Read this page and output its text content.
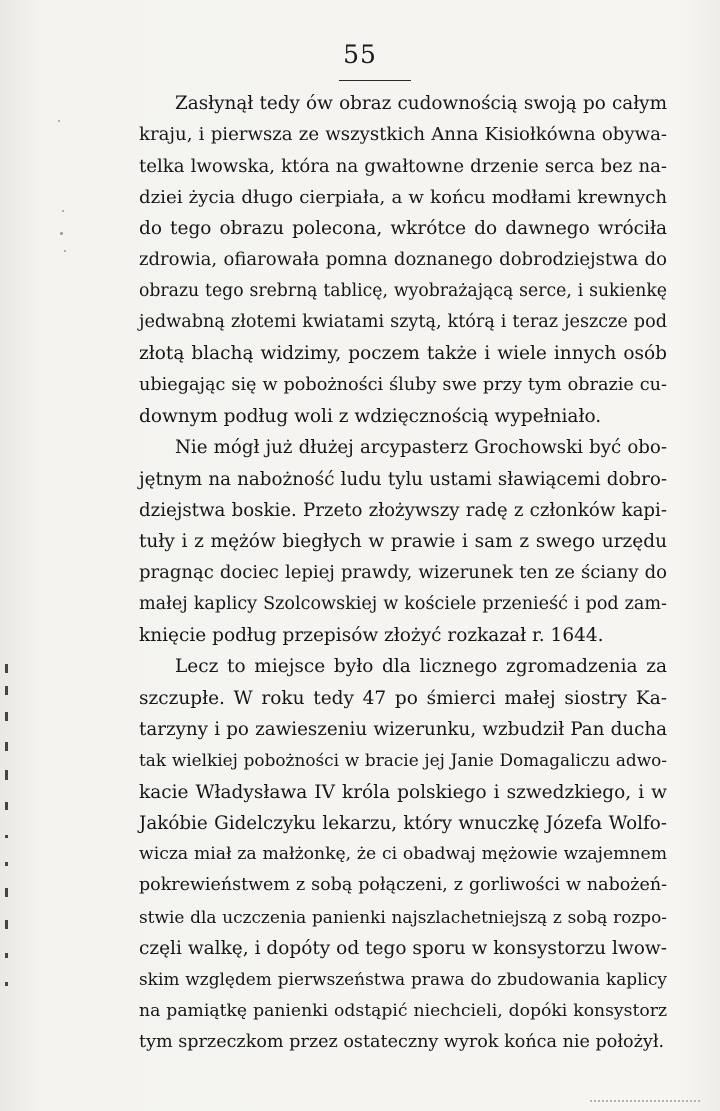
55
Zasłynął tedy ów obraz cudownością swoją po całym
kraju, i pierwsza ze wszystkich Anna Kisiołkówna obywa-
telka lwowska, która na gwałtowne drzenie serca bez na-
dziei życia długo cierpiała, a w końcu modłami krewnych
do tego obrazu polecona, wkrótce do dawnego wróciła
zdrowia, ofiarowała pomna doznanego dobrodziejstwa do
obrazu tego srebrną tablicę, wyobrażającą serce, i sukienkę
jedwabną złotemi kwiatami szytą, którą i teraz jeszcze pod
złotą blachą widzimy, poczem także i wiele innych osób
ubiegając się w pobożności śluby swe przy tym obrazie cu-
downym podług woli z wdzięcznością wypełniało.
Nie mógł już dłużej arcypasterz Grochowski być obo-
jętnym na nabożność ludu tylu ustami sławiącemi dobro-
dziejstwa boskie. Przeto złożywszy radę z członków kapi-
tuły i z mężów biegłych w prawie i sam z swego urzędu
pragnąc dociec lepiej prawdy, wizerunek ten ze ściany do
małej kaplicy Szolcowskiej w kościele przenieść i pod zam-
knięcie podług przepisów złożyć rozkazał r. 1644.
Lecz to miejsce było dla licznego zgromadzenia za
szczupłe. W roku tedy 47 po śmierci małej siostry Ka-
tarzyny i po zawieszeniu wizerunku, wzbudził Pan ducha
tak wielkiej pobożności w bracie jej Janie Domagaliczu adwo-
kacie Władysława IV króla polskiego i szwedzkiego, i w
Jakóbie Gidelczyku lekarzu, który wnuczkę Józefa Wolfo-
wicza miał za małżonkę, że ci obadwaj mężowie wzajemnem
pokrewieństwem z sobą połączeni, z gorliwości w nabożeń-
stwie dla uczczenia panienki najszlachetniejszą z sobą rozpo-
częli walkę, i dopóty od tego sporu w konsystorzu lwow-
skim względem pierwszeństwa prawa do zbudowania kaplicy
na pamiątkę panienki odstąpić niechcieli, dopóki konsystorz
tym sprzeczkom przez ostateczny wyrok końca nie położył.
